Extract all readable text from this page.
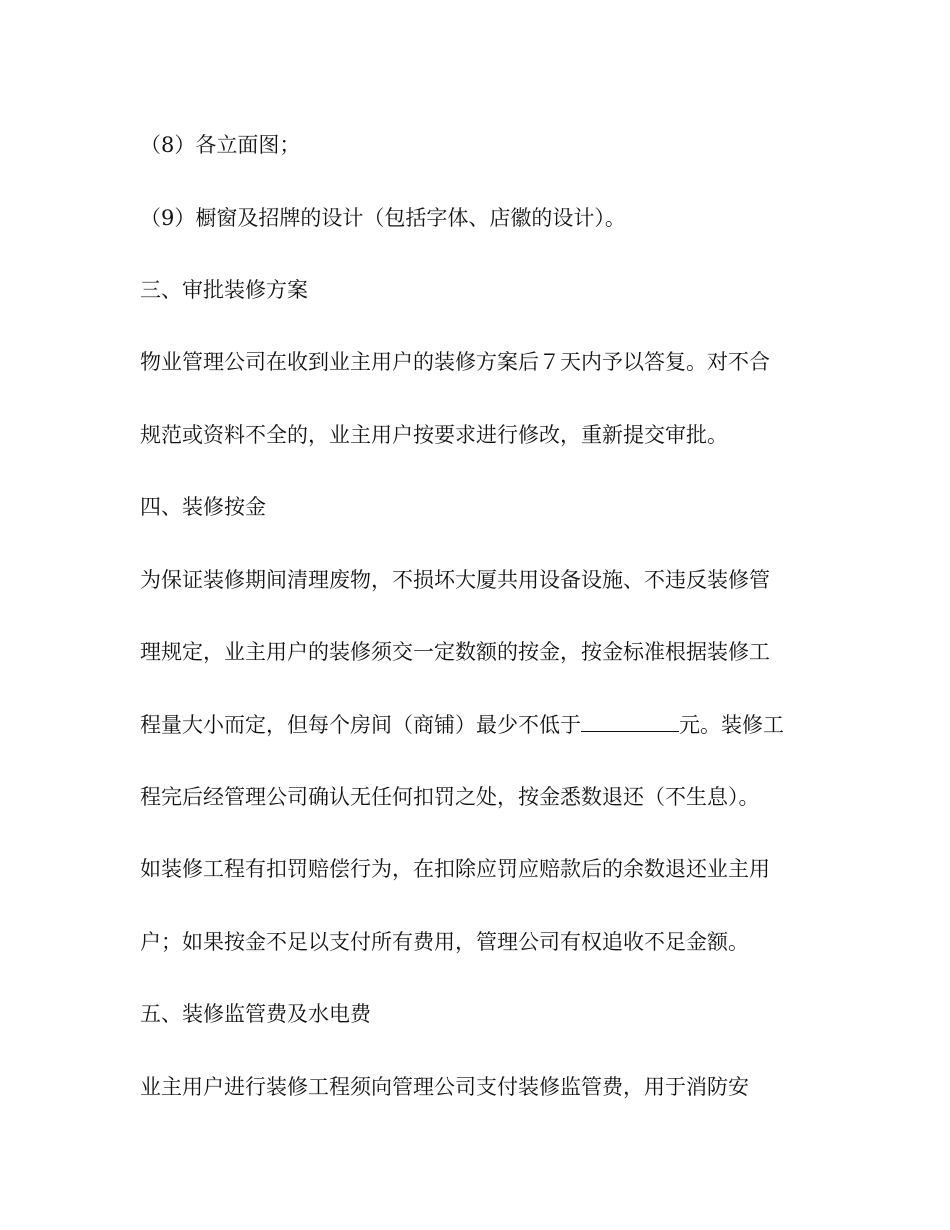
（8）各立面图；
（9）橱窗及招牌的设计（包括字体、店徽的设计）。
三、审批装修方案
物业管理公司在收到业主用户的装修方案后７天内予以答复。对不合
规范或资料不全的，业主用户按要求进行修改，重新提交审批。
四、装修按金
为保证装修期间清理废物，不损坏大厦共用设备设施、不违反装修管
理规定，业主用户的装修须交一定数额的按金，按金标准根据装修工
程量大小而定，但每个房间（商铺）最少不低于	元。装修工
程完后经管理公司确认无任何扣罚之处，按金悉数退还（不生息）。
如装修工程有扣罚赔偿行为，在扣除应罚应赔款后的余数退还业主用
户；如果按金不足以支付所有费用，管理公司有权追收不足金额。
五、装修监管费及水电费
业主用户进行装修工程须向管理公司支付装修监管费，用于消防安
